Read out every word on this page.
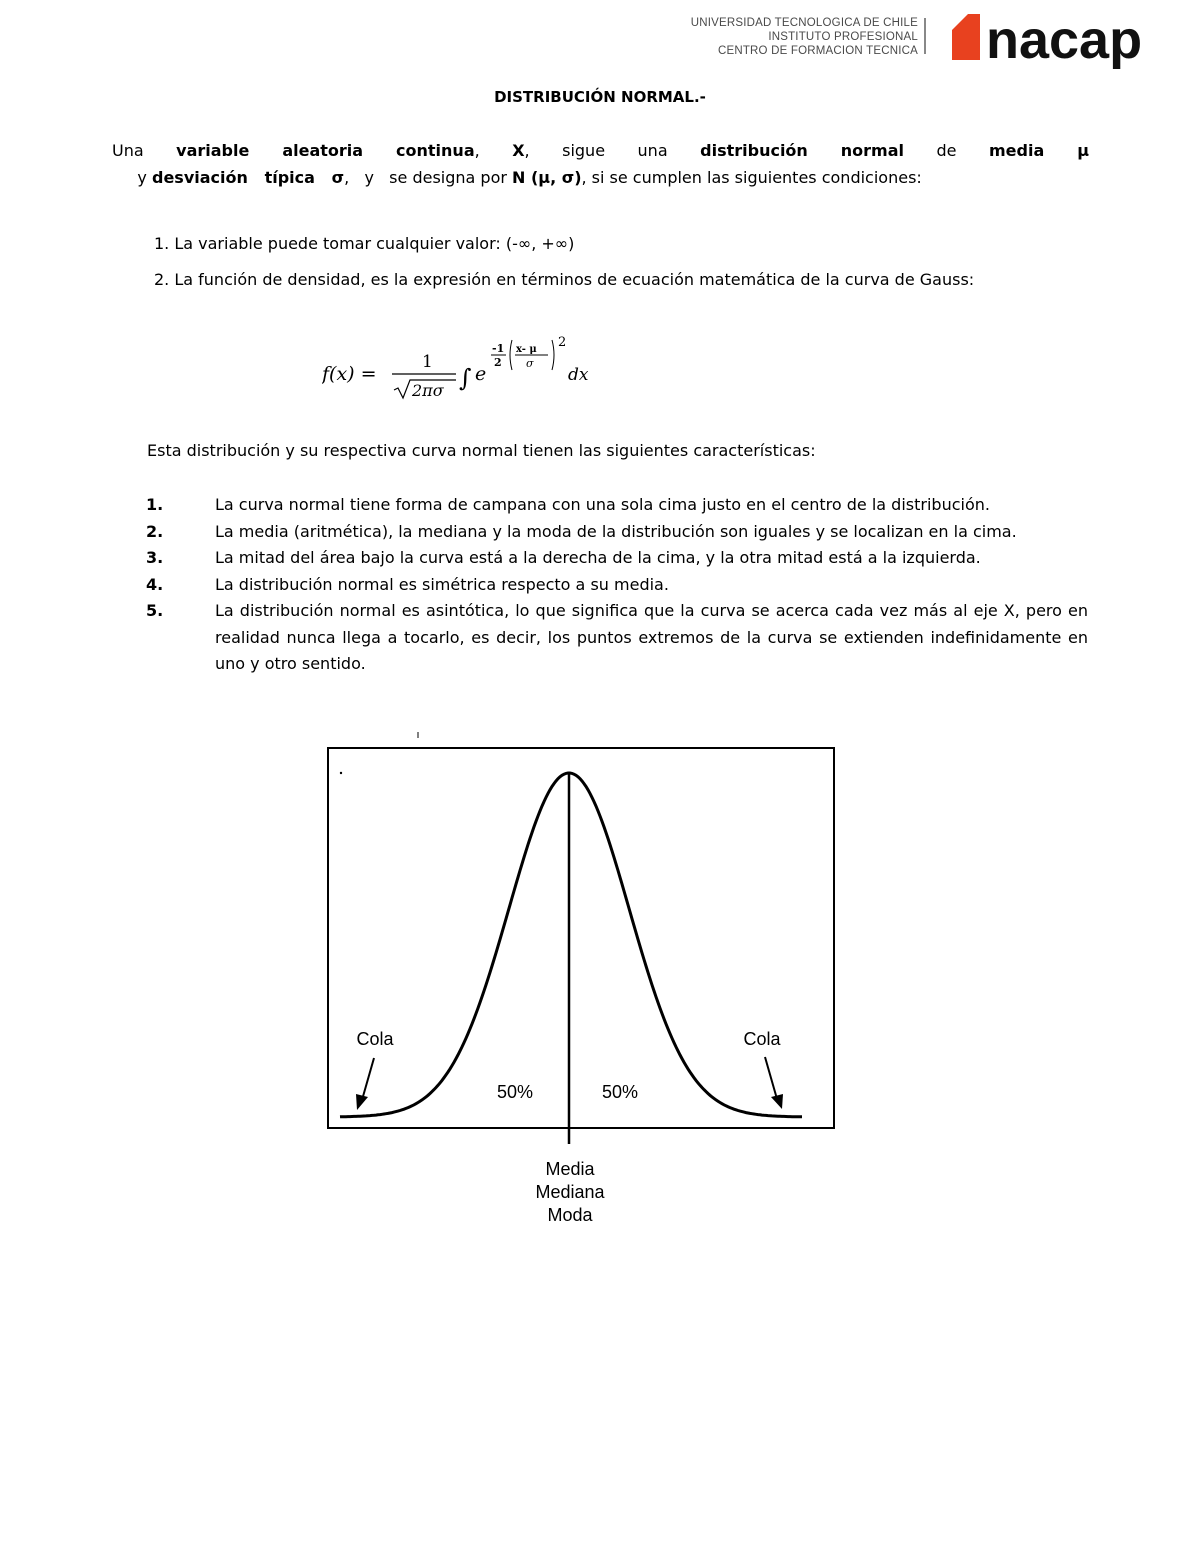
UNIVERSIDAD TECNOLOGICA DE CHILE
INSTITUTO PROFESIONAL
CENTRO DE FORMACION TECNICA nacap
DISTRIBUCIÓN NORMAL.-
Una variable aleatoria continua, X, sigue una distribución normal de media μ     y desviación   típica   σ,   y   se designa por N (μ, σ), si se cumplen las siguientes condiciones:
1. La variable puede tomar cualquier valor: (-∞, +∞)
2. La función de densidad, es la expresión en términos de ecuación matemática de la curva de Gauss:
f(x) =
1
2πσ ∫ e
-1
2
x- μ
σ
2
dx
Esta distribución y su respectiva curva normal tienen las siguientes características:
1.	La curva normal tiene forma de campana con una sola cima justo en el centro de la distribución.
2.	La media (aritmética), la mediana y la moda de la distribución son iguales y se localizan en la cima.
3.	La mitad del área bajo la curva está a la derecha de la cima, y la otra mitad está a la izquierda.
4.	La distribución normal es simétrica respecto a su media.
5.	La distribución normal es asintótica, lo que significa que la curva se acerca cada vez más al eje X, pero en realidad nunca llega a tocarlo, es decir, los puntos extremos de la curva se extienden indefinidamente en uno y otro sentido.
Cola	Cola
50%	50%
Media
Mediana
Moda
